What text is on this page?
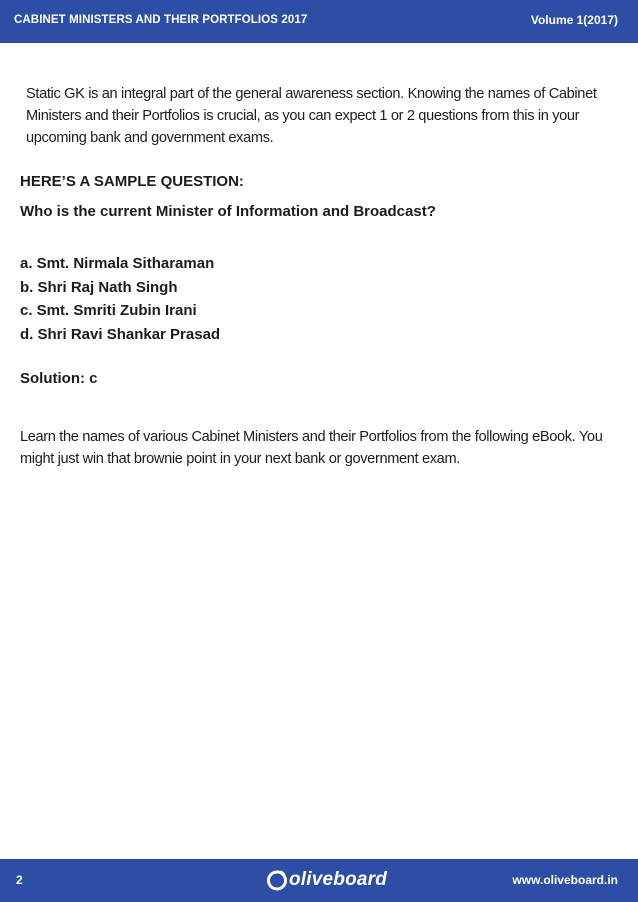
CABINET MINISTERS AND THEIR PORTFOLIOS 2017	Volume 1(2017)

Static GK is an integral part of the general awareness section. Knowing the names of Cabinet Ministers and their Portfolios is crucial, as you can expect 1 or 2 questions from this in your upcoming bank and government exams.

HERE’S A SAMPLE QUESTION:
Who is the current Minister of Information and Broadcast?
a. Smt. Nirmala Sitharaman
b. Shri Raj Nath Singh
c. Smt. Smriti Zubin Irani
d. Shri Ravi Shankar Prasad
Solution: c

Learn the names of various Cabinet Ministers and their Portfolios from the following eBook. You might just win that brownie point in your next bank or government exam.

2	oliveboard	www.oliveboard.in
